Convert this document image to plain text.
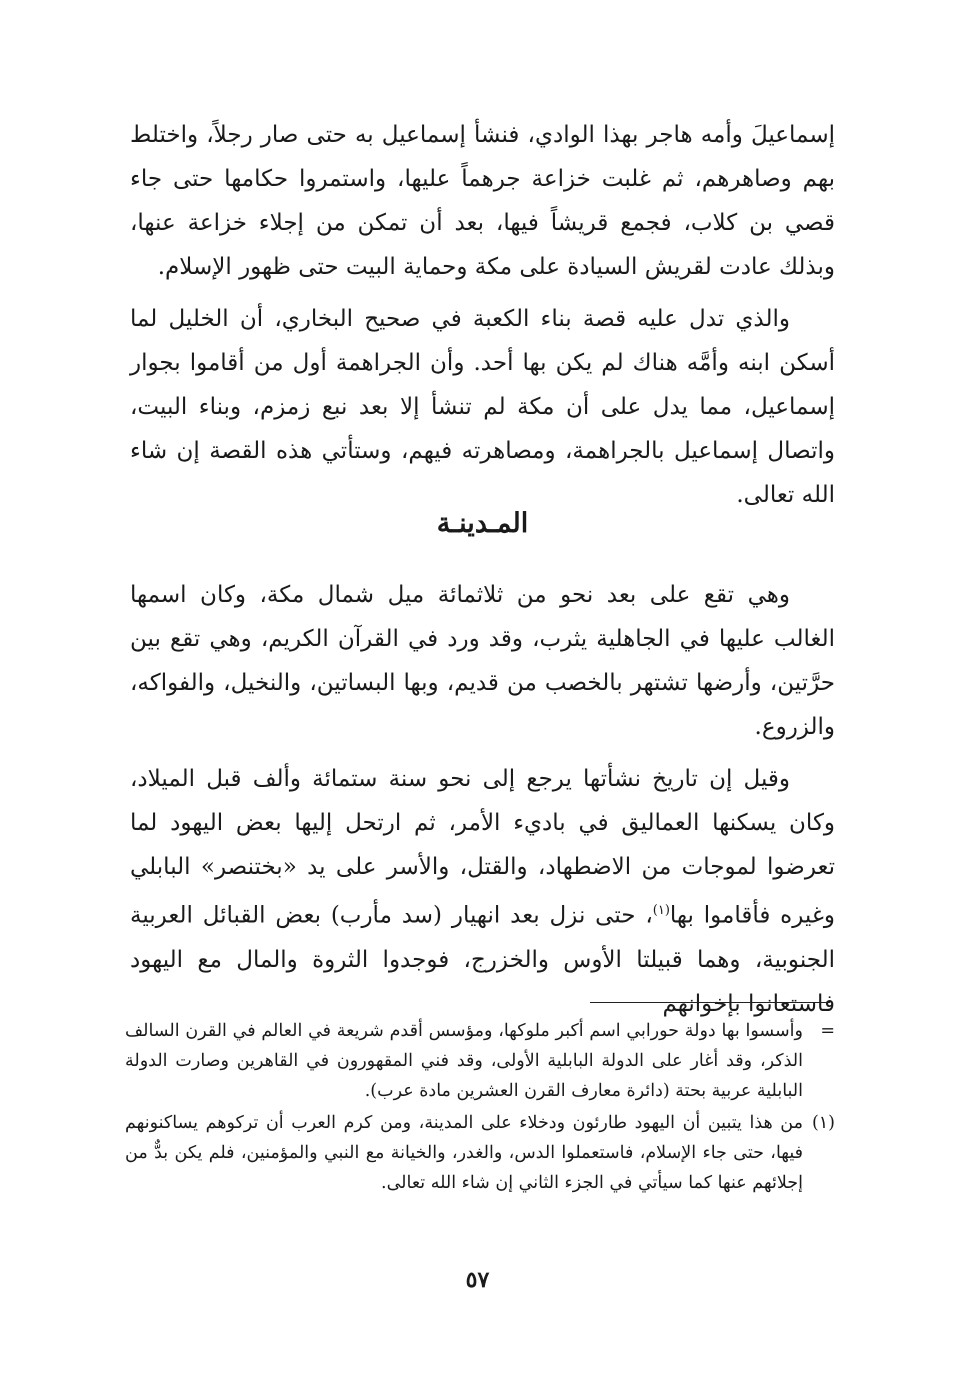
إسماعيلَ وأمه هاجر بهذا الوادي، فنشأ إسماعيل به حتى صار رجلاً، واختلط بهم وصاهرهم، ثم غلبت خزاعة جرهماً عليها، واستمروا حكامها حتى جاء قصي بن كلاب، فجمع قريشاً فيها، بعد أن تمكن من إجلاء خزاعة عنها، وبذلك عادت لقريش السيادة على مكة وحماية البيت حتى ظهور الإسلام.

والذي تدل عليه قصة بناء الكعبة في صحيح البخاري، أن الخليل لما أسكن ابنه وأمَّه هناك لم يكن بها أحد. وأن الجراهمة أول من أقاموا بجوار إسماعيل، مما يدل على أن مكة لم تنشأ إلا بعد نبع زمزم، وبناء البيت، واتصال إسماعيل بالجراهمة، ومصاهرته فيهم، وستأتي هذه القصة إن شاء الله تعالى.

المـدينـة

وهي تقع على بعد نحو من ثلاثمائة ميل شمال مكة، وكان اسمها الغالب عليها في الجاهلية يثرب، وقد ورد في القرآن الكريم، وهي تقع بين حرَّتين، وأرضها تشتهر بالخصب من قديم، وبها البساتين، والنخيل، والفواكه، والزروع.

وقيل إن تاريخ نشأتها يرجع إلى نحو سنة ستمائة وألف قبل الميلاد، وكان يسكنها العماليق في باديء الأمر، ثم ارتحل إليها بعض اليهود لما تعرضوا لموجات من الاضطهاد، والقتل، والأسر على يد «بختنصر» البابلي وغيره فأقاموا بها$^{(١)}$، حتى نزل بعد انهيار (سد مأرب) بعض القبائل العربية الجنوبية، وهما قبيلتا الأوس والخزرج، فوجدوا الثروة والمال مع اليهود فاستعانوا بإخوانهم

=
وأسسوا بها دولة حورابي اسم أكبر ملوكها، ومؤسس أقدم شريعة في العالم في القرن السالف الذكر، وقد أغار على الدولة البابلية الأولى، وقد فني المقهورون في القاهرين وصارت الدولة البابلية عربية بحتة (دائرة معارف القرن العشرين مادة عرب).
(١)
من هذا يتبين أن اليهود طارئون ودخلاء على المدينة، ومن كرم العرب أن تركوهم يساكنونهم فيها، حتى جاء الإسلام، فاستعملوا الدس، والغدر، والخيانة مع النبي والمؤمنين، فلم يكن بدٌّ من إجلائهم عنها كما سيأتي في الجزء الثاني إن شاء الله تعالى.
٥٧
